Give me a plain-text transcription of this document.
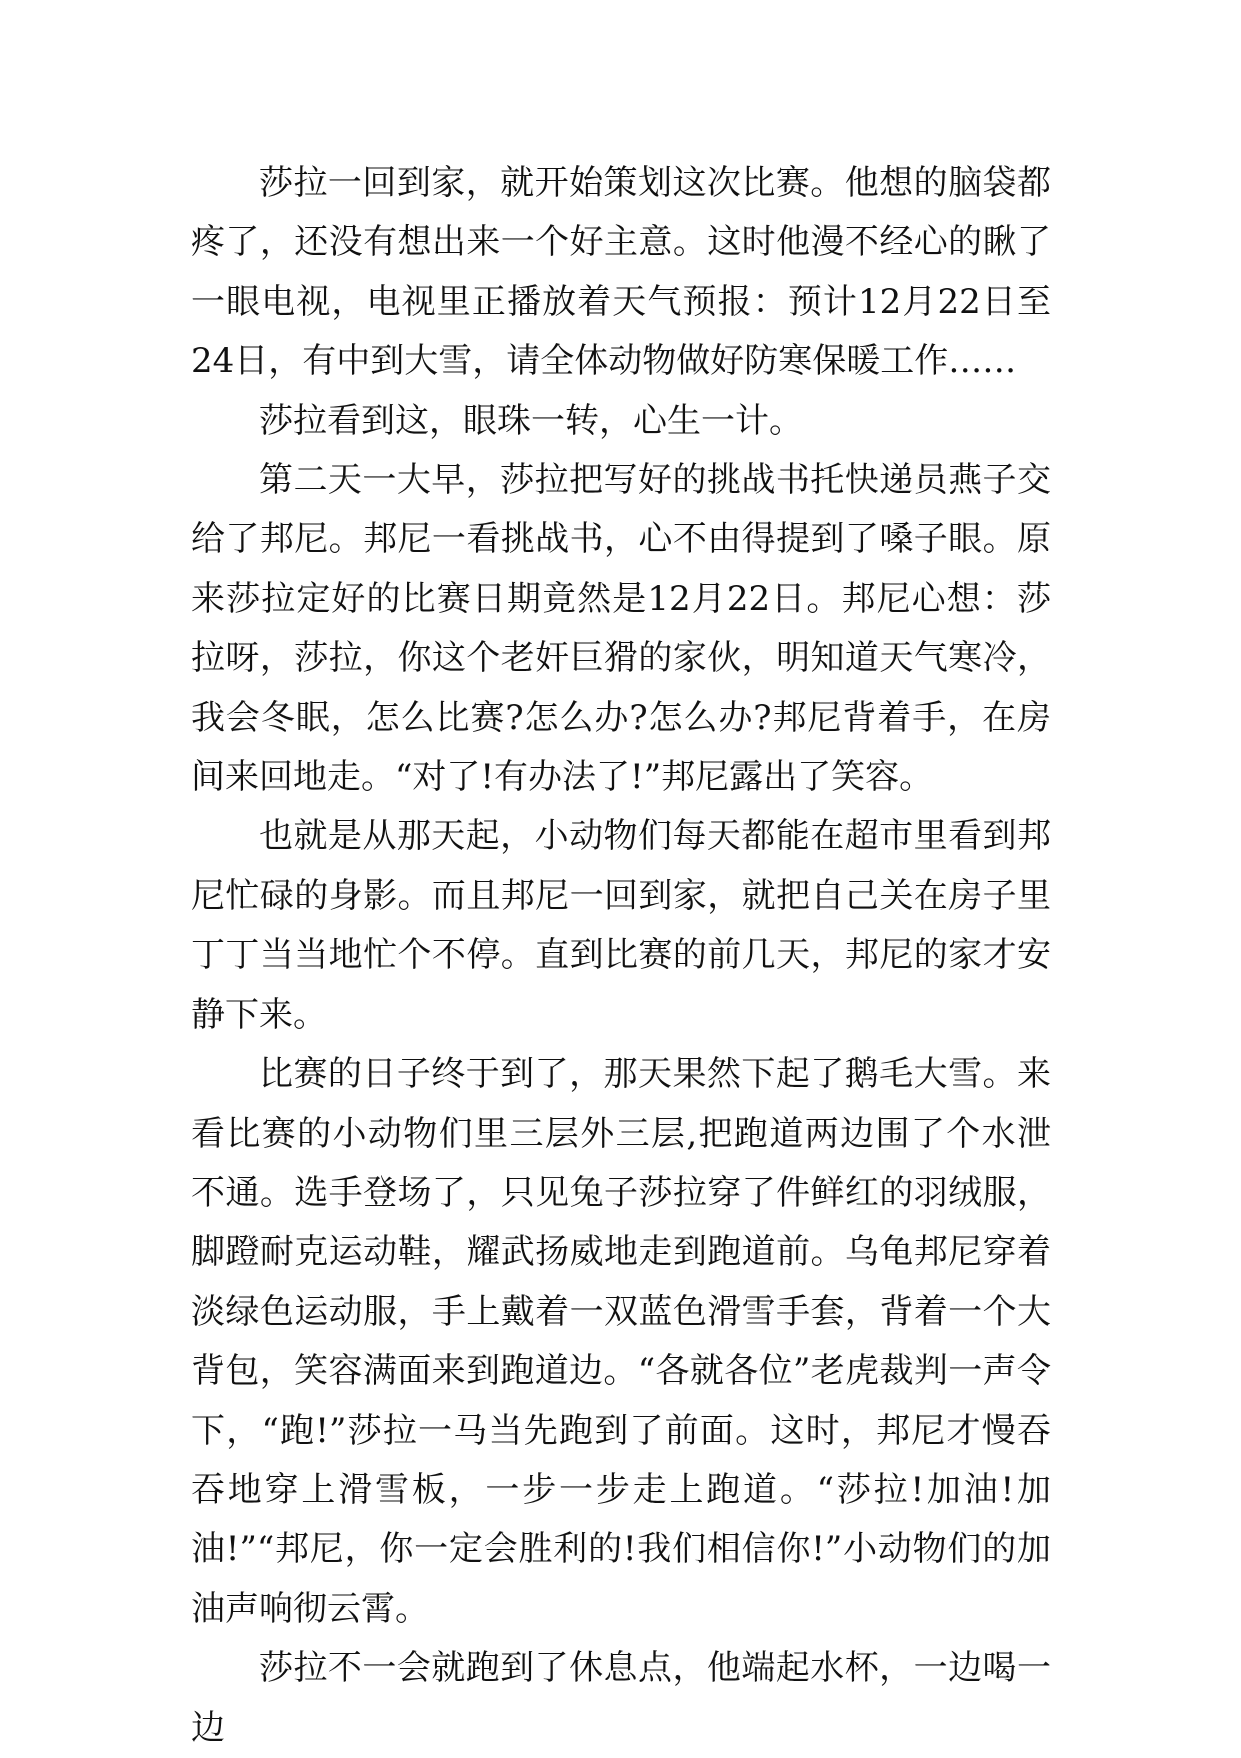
莎拉一回到家，就开始策划这次比赛。他想的脑袋都疼了，还没有想出来一个好主意。这时他漫不经心的瞅了一眼电视，电视里正播放着天气预报：预计12月22日至24日，有中到大雪，请全体动物做好防寒保暖工作……

莎拉看到这，眼珠一转，心生一计。

第二天一大早，莎拉把写好的挑战书托快递员燕子交给了邦尼。邦尼一看挑战书，心不由得提到了嗓子眼。原来莎拉定好的比赛日期竟然是12月22日。邦尼心想：莎拉呀，莎拉，你这个老奸巨猾的家伙，明知道天气寒冷，我会冬眠，怎么比赛?怎么办?怎么办?邦尼背着手，在房间来回地走。“对了!有办法了!”邦尼露出了笑容。

也就是从那天起，小动物们每天都能在超市里看到邦尼忙碌的身影。而且邦尼一回到家，就把自己关在房子里丁丁当当地忙个不停。直到比赛的前几天，邦尼的家才安静下来。

比赛的日子终于到了，那天果然下起了鹅毛大雪。来看比赛的小动物们里三层外三层,把跑道两边围了个水泄不通。选手登场了，只见兔子莎拉穿了件鲜红的羽绒服，脚蹬耐克运动鞋，耀武扬威地走到跑道前。乌龟邦尼穿着淡绿色运动服，手上戴着一双蓝色滑雪手套，背着一个大背包，笑容满面来到跑道边。“各就各位”老虎裁判一声令下，“跑!”莎拉一马当先跑到了前面。这时，邦尼才慢吞吞地穿上滑雪板，一步一步走上跑道。“莎拉!加油!加油!”“邦尼，你一定会胜利的!我们相信你!”小动物们的加油声响彻云霄。

莎拉不一会就跑到了休息点，他端起水杯，一边喝一边
